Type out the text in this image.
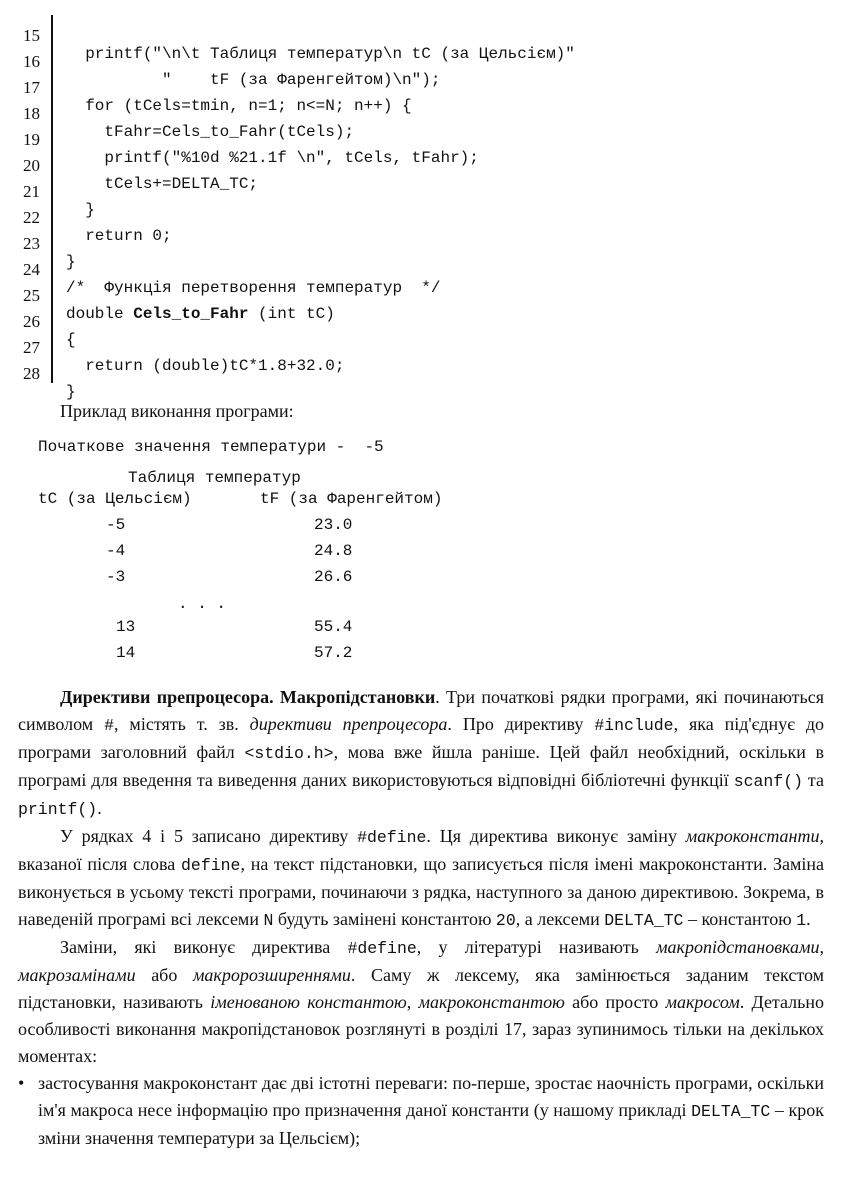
15

printf("\n\t Таблиця температур\n tC (за Цельсієм)"

16

"    tF (за Фаренгейтом)\n");

17

for (tCels=tmin, n=1; n<=N; n++) {

18

tFahr=Cels_to_Fahr(tCels);

19

printf("%10d %21.1f \n", tCels, tFahr);

20

tCels+=DELTA_TC;

21

}

22

return 0;

23

}

24

/*  Функція перетворення температур  */

25

double Cels_to_Fahr (int tC)

26

{

27

return (double)tC*1.8+32.0;

28

}

Приклад виконання програми:
Початкове значення температури -  -5
Таблиця температур
tC (за Цельсієм)	tF (за Фаренгейтом)
-5	23.0
-4	24.8
-3	26.6
. . .
13	55.4
14	57.2

Директиви препроцесора. Макропідстановки. Три початкові рядки програми, які починаються символом #, містять т. зв. директиви препроцесора. Про директиву #include, яка під'єднує до програми заголовний файл <stdio.h>, мова вже йшла раніше. Цей файл необхідний, оскільки в програмі для введення та виведення даних використовуються відповідні бібліотечні функції scanf() та printf().

У рядках 4 і 5 записано директиву #define. Ця директива виконує заміну макроконстанти, вказаної після слова define, на текст підстановки, що записується після імені макроконстанти. Заміна виконується в усьому тексті програми, починаючи з рядка, наступного за даною директивою. Зокрема, в наведеній програмі всі лексеми N будуть замінені константою 20, а лексеми DELTA_TC – константою 1.

Заміни, які виконує директива #define, у літературі називають макропідстановками, макрозамінами або макророзширеннями. Саму ж лексему, яка замінюється заданим текстом підстановки, називають іменованою константою, макроконстантою або просто макросом. Детально особливості виконання макропідстановок розглянуті в розділі 17, зараз зупинимось тільки на декількох моментах:

• застосування макроконстант дає дві істотні переваги: по-перше, зростає наочність програми, оскільки ім'я макроса несе інформацію про призначення даної константи (у нашому прикладі DELTA_TC – крок зміни значення температури за Цельсієм);
